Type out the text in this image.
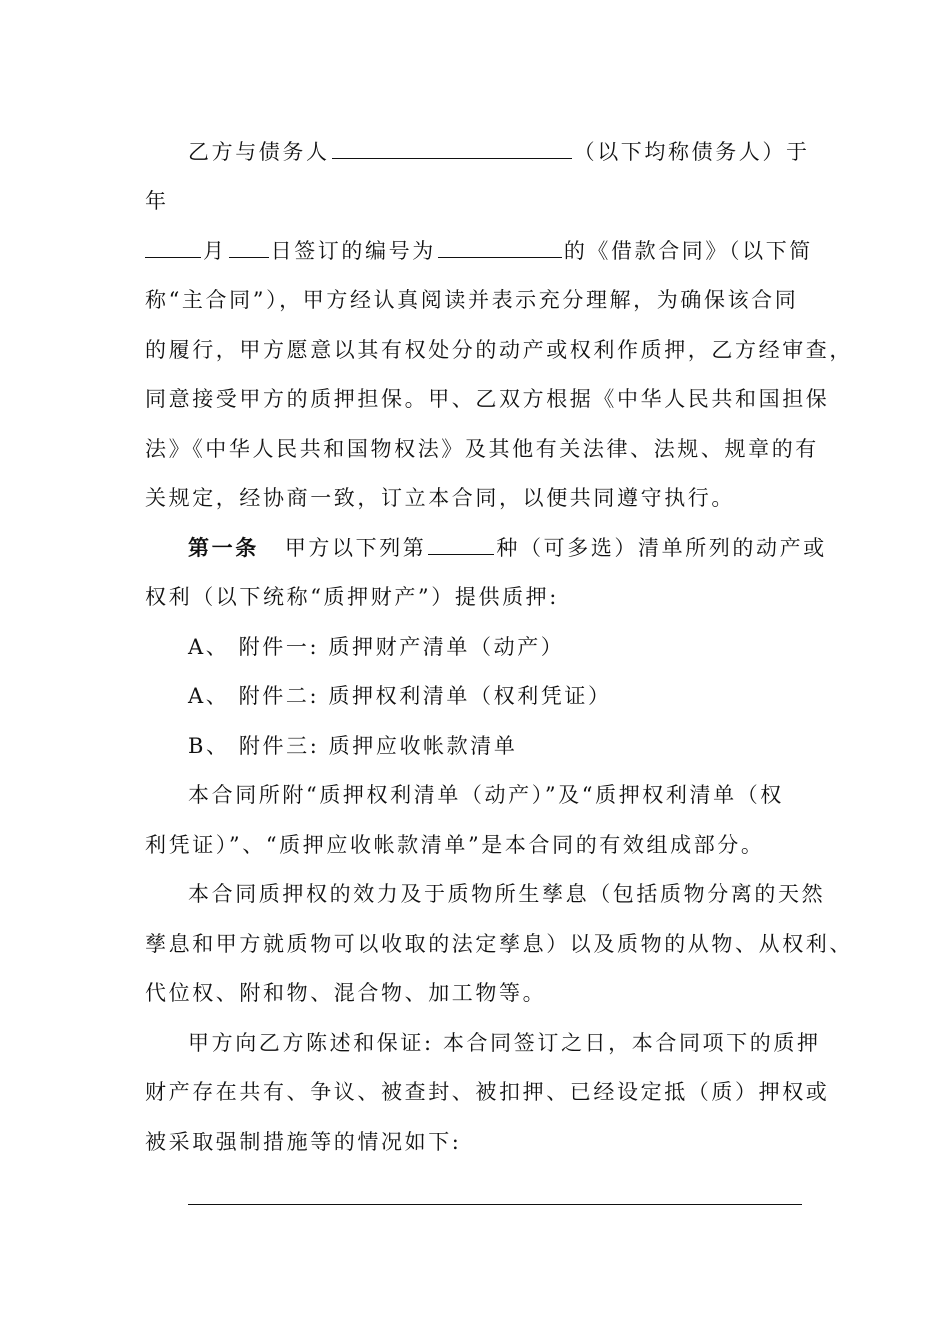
乙方与债务人	（以下均称债务人）于
年
月 日签订的编号为	的《借款合同》（以下简
称“主合同”），甲方经认真阅读并表示充分理解，为确保该合同
的履行，甲方愿意以其有权处分的动产或权利作质押，乙方经审查，
同意接受甲方的质押担保。甲、乙双方根据《中华人民共和国担保
法》《中华人民共和国物权法》及其他有关法律、法规、规章的有
关规定，经协商一致，订立本合同，以便共同遵守执行。
第一条 甲方以下列第	种（可多选）清单所列的动产或
权利（以下统称“质押财产”）提供质押:
A、 附件一: 质押财产清单（动产）
A、 附件二: 质押权利清单（权利凭证）
B、 附件三: 质押应收帐款清单
本合同所附“质押权利清单（动产）”及“质押权利清单（权
利凭证）”、“质押应收帐款清单”是本合同的有效组成部分。
本合同质押权的效力及于质物所生孳息（包括质物分离的天然
孳息和甲方就质物可以收取的法定孳息）以及质物的从物、从权利、
代位权、附和物、混合物、加工物等。
甲方向乙方陈述和保证: 本合同签订之日，本合同项下的质押
财产存在共有、争议、被查封、被扣押、已经设定抵（质）押权或
被采取强制措施等的情况如下:
